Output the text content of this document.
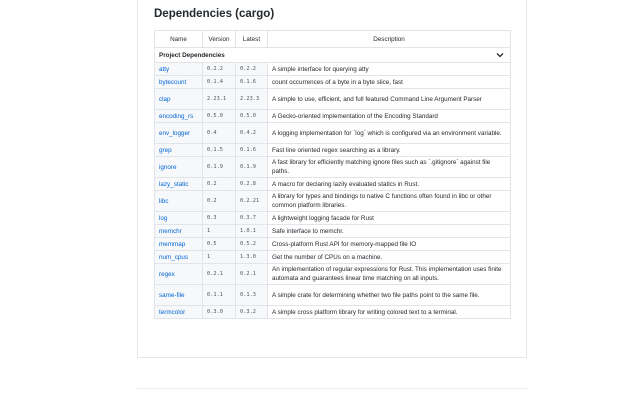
Dependencies (cargo)
Name	Version	Latest	Description
Project Dependencies			

atty	0.2.2	0.2.2	A simple interface for querying atty
bytecount	0.1.4	0.1.6	count occurrences of a byte in a byte slice, fast
clap	2.23.1	2.23.3	A simple to use, efficient, and full featured Command Line Argument Parser
encoding_rs	0.5.0	0.5.0	A Gecko-oriented implementation of the Encoding Standard
env_logger	0.4	0.4.2	A logging implementation for `log` which is configured via an environment variable.
grep	0.1.5	0.1.6	Fast line oriented regex searching as a library.
ignore	0.1.9	0.1.9	A fast library for efficiently matching ignore files such as `.gitignore` against file paths.
lazy_static	0.2	0.2.8	A macro for declaring lazily evaluated statics in Rust.
libc	0.2	0.2.21	A library for types and bindings to native C functions often found in libc or other common platform libraries.
log	0.3	0.3.7	A lightweight logging facade for Rust
memchr	1	1.0.1	Safe interface to memchr.
memmap	0.5	0.5.2	Cross-platform Rust API for memory-mapped file IO
num_cpus	1	1.3.0	Get the number of CPUs on a machine.
regex	0.2.1	0.2.1	An implementation of regular expressions for Rust. This implementation uses finite automata and guarantees linear time matching on all inputs.
same-file	0.1.1	0.1.3	A simple crate for determining whether two file paths point to the same file.
termcolor	0.3.0	0.3.2	A simple cross platform library for writing colored text to a terminal.
